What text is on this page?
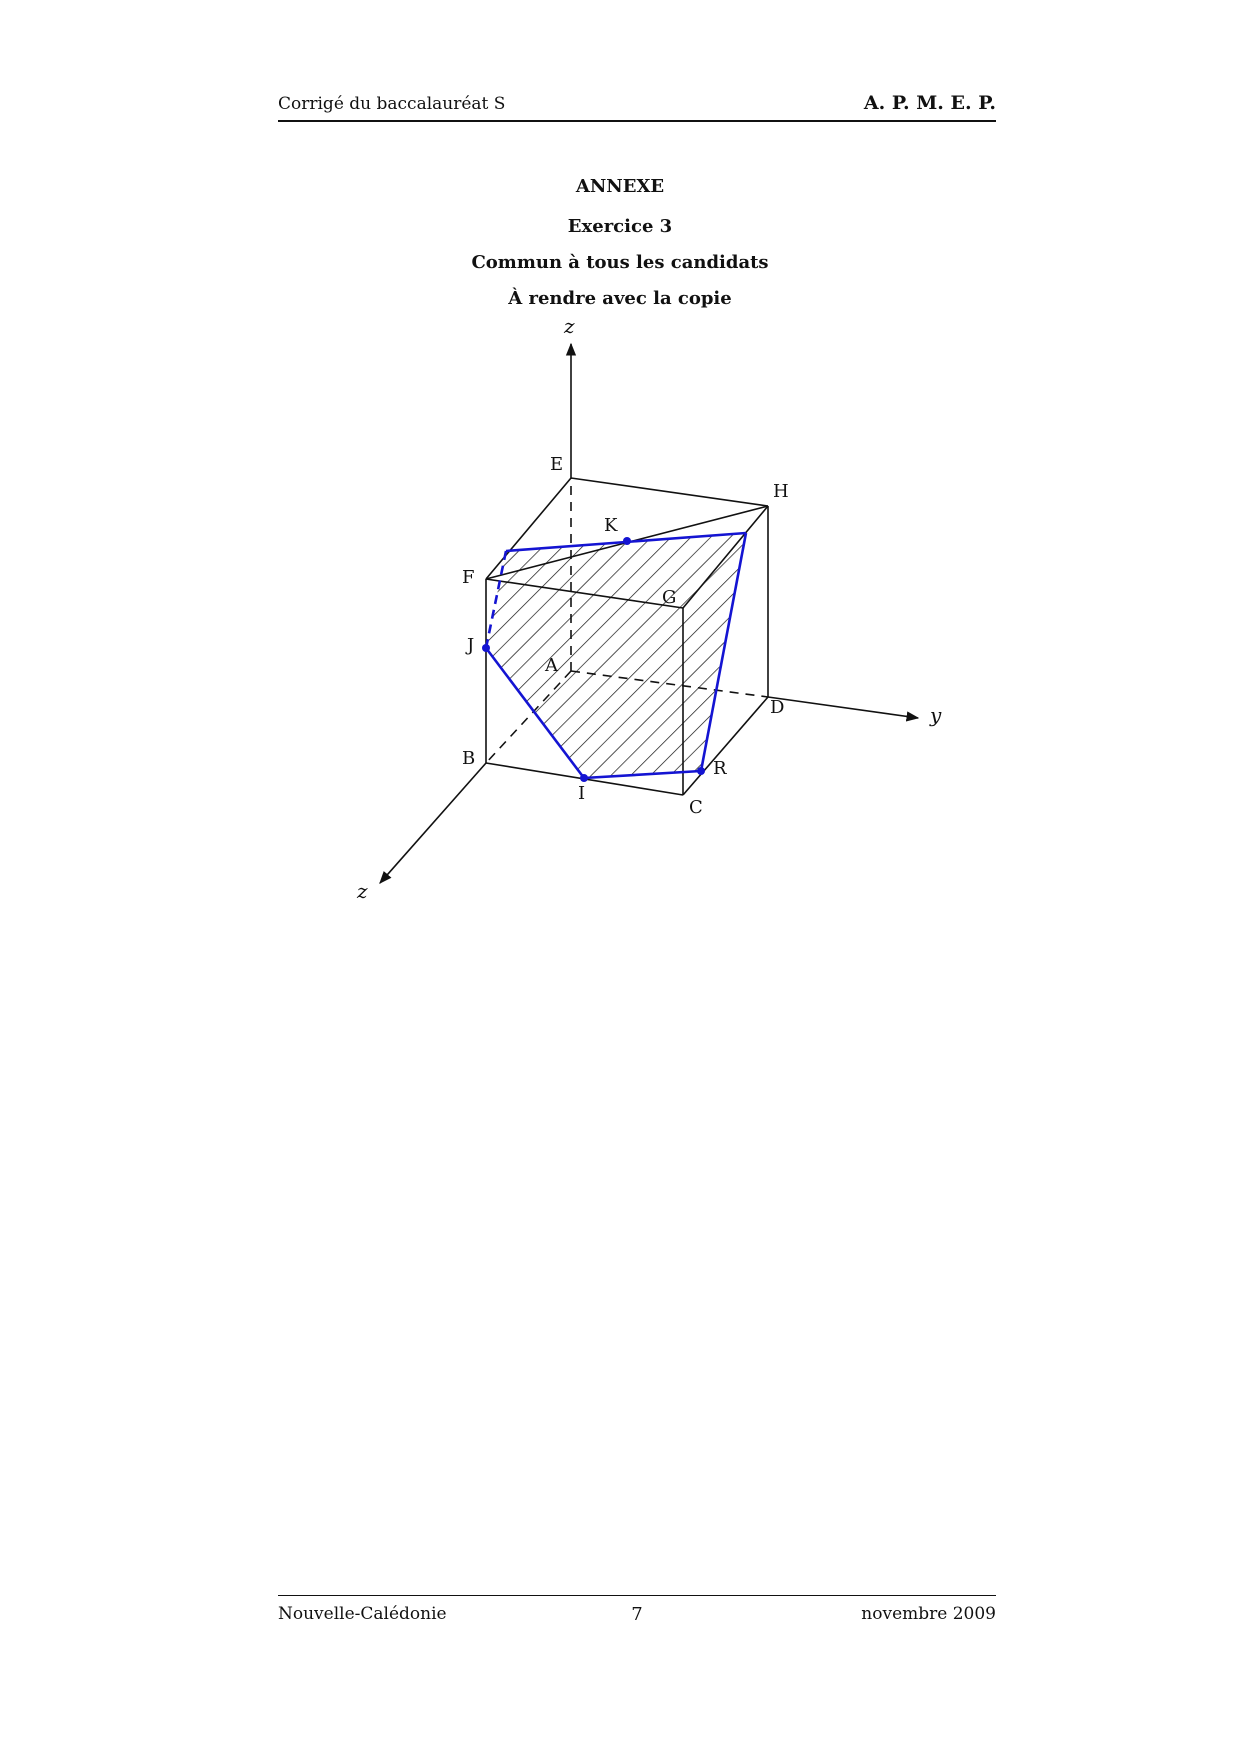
Corrigé du baccalauréat S	A. P. M. E. P.
ANNEXE
Exercice 3
Commun à tous les candidats
À rendre avec la copie
z
y
z
E
H
F
G
A
D
B
C
K
J
I
R
Nouvelle-Calédonie	7	novembre 2009
